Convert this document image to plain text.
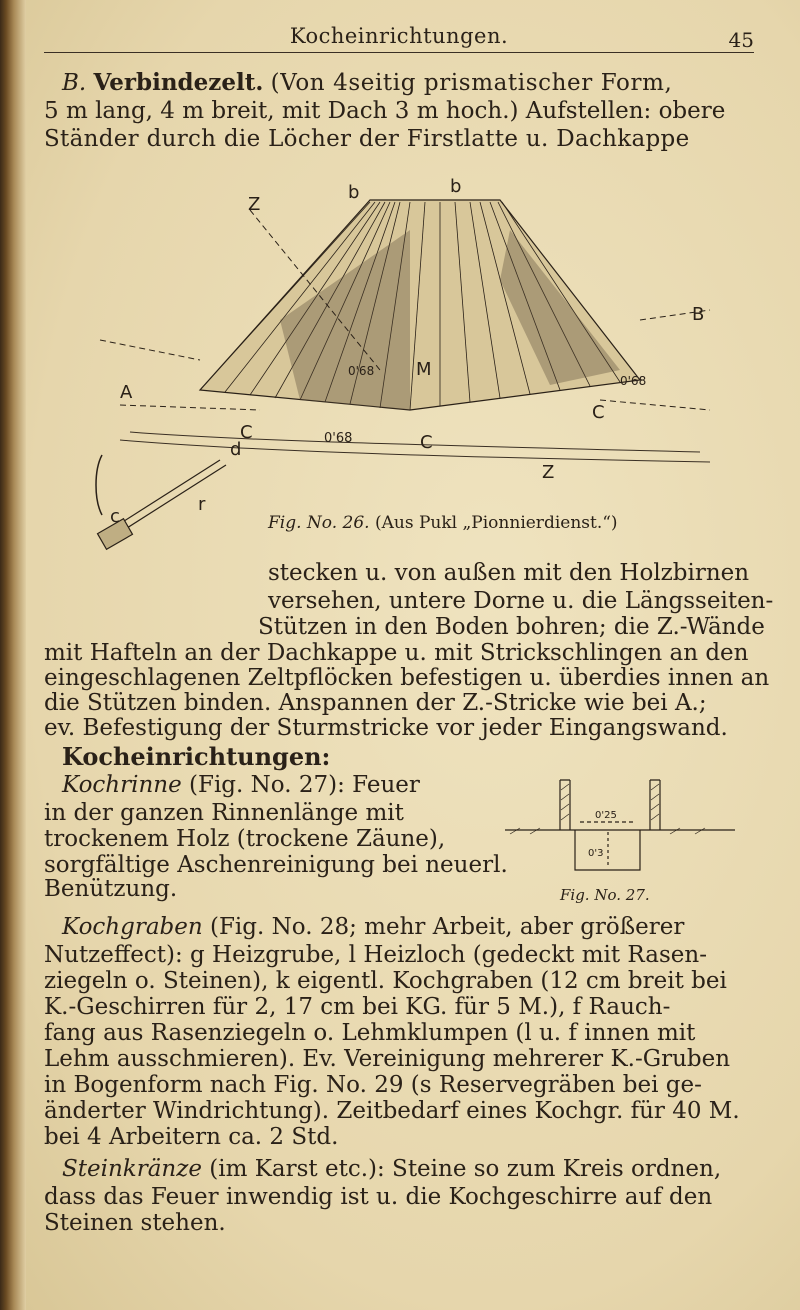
Kocheinrichtungen.	45
B. Verbindezelt. (Von 4seitig prismatischer Form,
5 m lang, 4 m breit, mit Dach 3 m hoch.) Aufstellen: obere
Ständer durch die Löcher der Firstlatte u. Dachkappe
Z
b	b
B
A
C	C
C
d
M
Z
c
r
0'68
0'68
0'68
Fig. No. 26. (Aus Pukl „Pionnierdienst.“)
stecken u. von außen mit den Holzbirnen
versehen, untere Dorne u. die Längsseiten-
Stützen in den Boden bohren; die Z.-Wände
mit Hafteln an der Dachkappe u. mit Strickschlingen an den
eingeschlagenen Zeltpflöcken befestigen u. überdies innen an
die Stützen binden. Anspannen der Z.-Stricke wie bei A.;
ev. Befestigung der Sturmstricke vor jeder Eingangswand.
Kocheinrichtungen:
Kochrinne (Fig. No. 27): Feuer
in der ganzen Rinnenlänge mit
trockenem Holz (trockene Zäune),
sorgfältige Aschenreinigung bei neuerl.
Benützung.
0'25
0'3
Fig. No. 27.
Kochgraben (Fig. No. 28; mehr Arbeit, aber größerer
Nutzeffect): g Heizgrube, l Heizloch (gedeckt mit Rasen-
ziegeln o. Steinen), k eigentl. Kochgraben (12 cm breit bei
K.-Geschirren für 2, 17 cm bei KG. für 5 M.), f Rauch-
fang aus Rasenziegeln o. Lehmklumpen (l u. f innen mit
Lehm ausschmieren). Ev. Vereinigung mehrerer K.-Gruben
in Bogenform nach Fig. No. 29 (s Reservegräben bei ge-
änderter Windrichtung). Zeitbedarf eines Kochgr. für 40 M.
bei 4 Arbeitern ca. 2 Std.
Steinkränze (im Karst etc.): Steine so zum Kreis ordnen,
dass das Feuer inwendig ist u. die Kochgeschirre auf den
Steinen stehen.
